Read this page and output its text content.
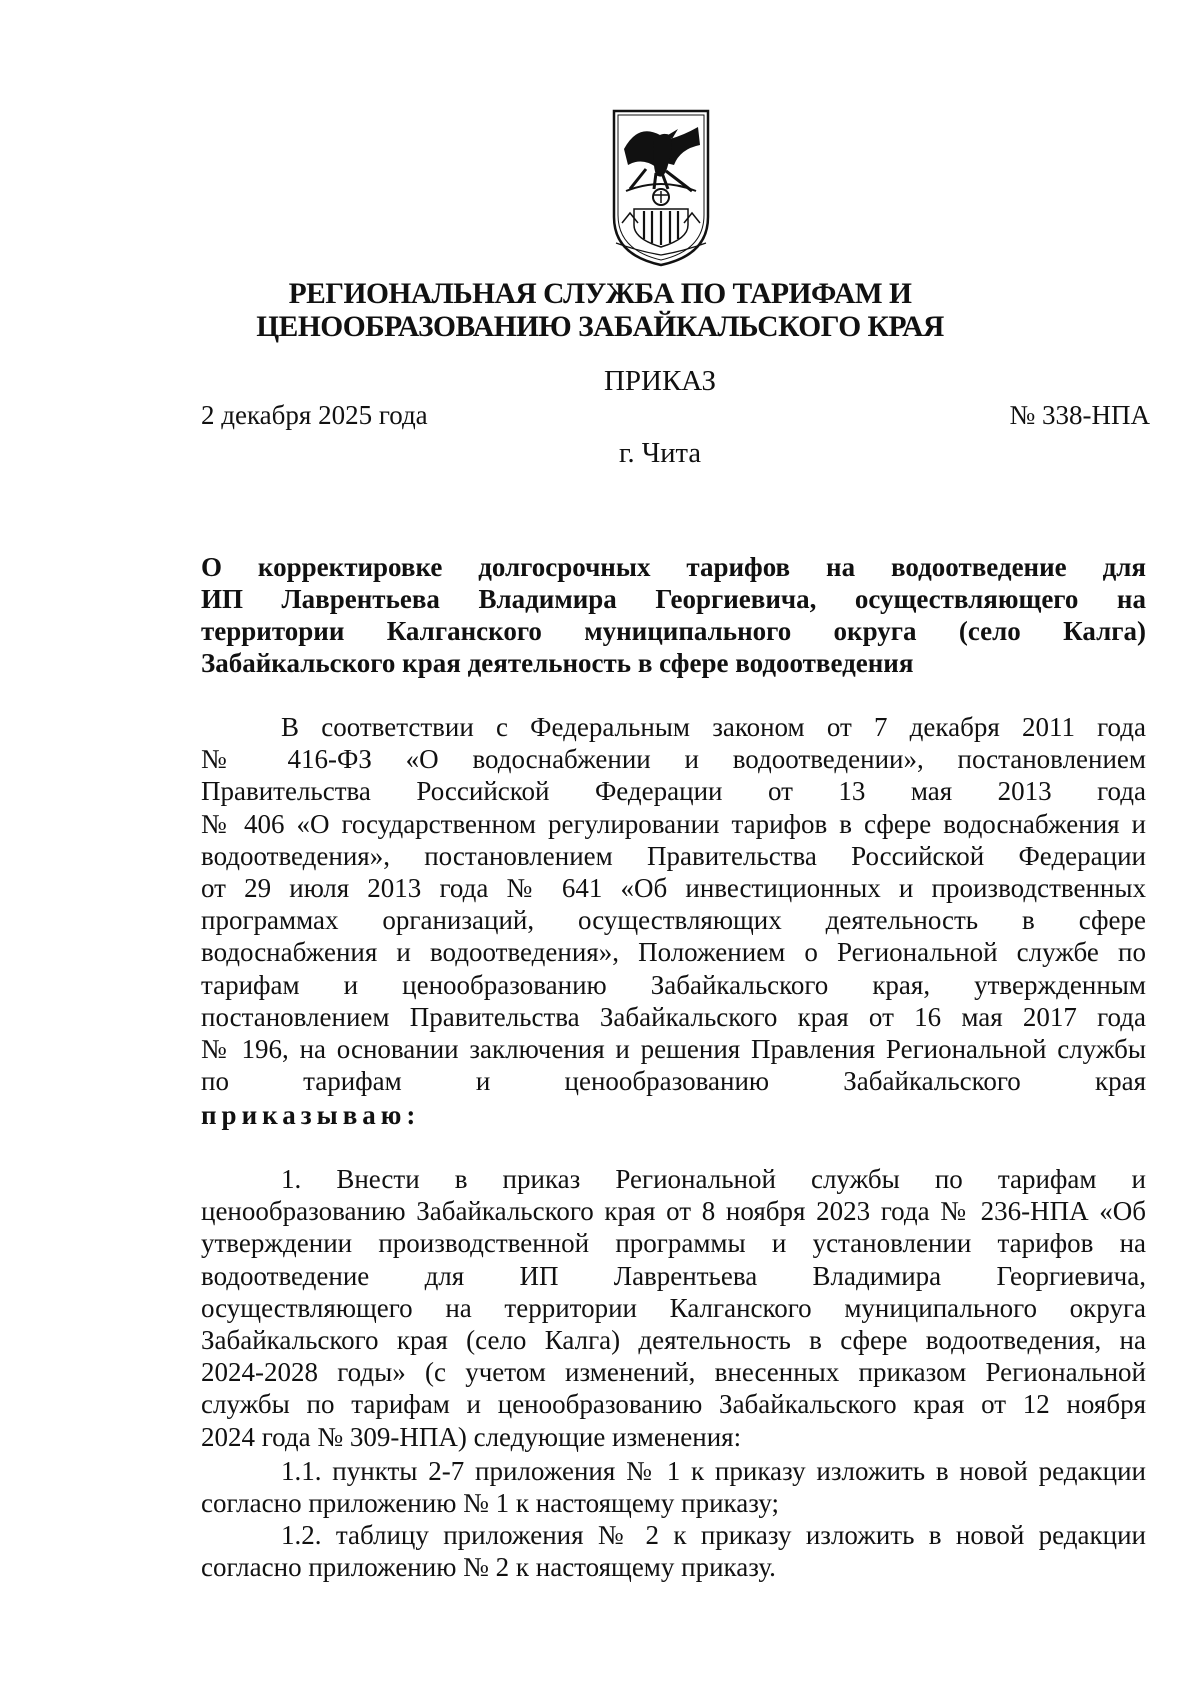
РЕГИОНАЛЬНАЯ СЛУЖБА ПО ТАРИФАМ И
ЦЕНООБРАЗОВАНИЮ ЗАБАЙКАЛЬСКОГО КРАЯ
ПРИКАЗ
2 декабря 2025 года	№ 338-НПА
г. Чита
О корректировке долгосрочных тарифов на водоотведение для
ИП Лаврентьева Владимира Георгиевича, осуществляющего на
территории Калганского муниципального округа (село Калга)
Забайкальского края деятельность в сфере водоотведения
В соответствии с Федеральным законом от 7 декабря 2011 года
№ 416-ФЗ «О водоснабжении и водоотведении», постановлением
Правительства Российской Федерации от 13 мая 2013 года
№ 406 «О государственном регулировании тарифов в сфере водоснабжения и
водоотведения», постановлением Правительства Российской Федерации
от 29 июля 2013 года № 641 «Об инвестиционных и производственных
программах организаций, осуществляющих деятельность в сфере
водоснабжения и водоотведения», Положением о Региональной службе по
тарифам и ценообразованию Забайкальского края, утвержденным
постановлением Правительства Забайкальского края от 16 мая 2017 года
№ 196, на основании заключения и решения Правления Региональной службы
по тарифам и ценообразованию Забайкальского края
приказываю:
1. Внести в приказ Региональной службы по тарифам и
ценообразованию Забайкальского края от 8 ноября 2023 года № 236-НПА «Об
утверждении производственной программы и установлении тарифов на
водоотведение для ИП Лаврентьева Владимира Георгиевича,
осуществляющего на территории Калганского муниципального округа
Забайкальского края (село Калга) деятельность в сфере водоотведения, на
2024-2028 годы» (с учетом изменений, внесенных приказом Региональной
службы по тарифам и ценообразованию Забайкальского края от 12 ноября
2024 года № 309-НПА) следующие изменения:
1.1. пункты 2-7 приложения № 1 к приказу изложить в новой редакции
согласно приложению № 1 к настоящему приказу;
1.2. таблицу приложения № 2 к приказу изложить в новой редакции
согласно приложению № 2 к настоящему приказу.
